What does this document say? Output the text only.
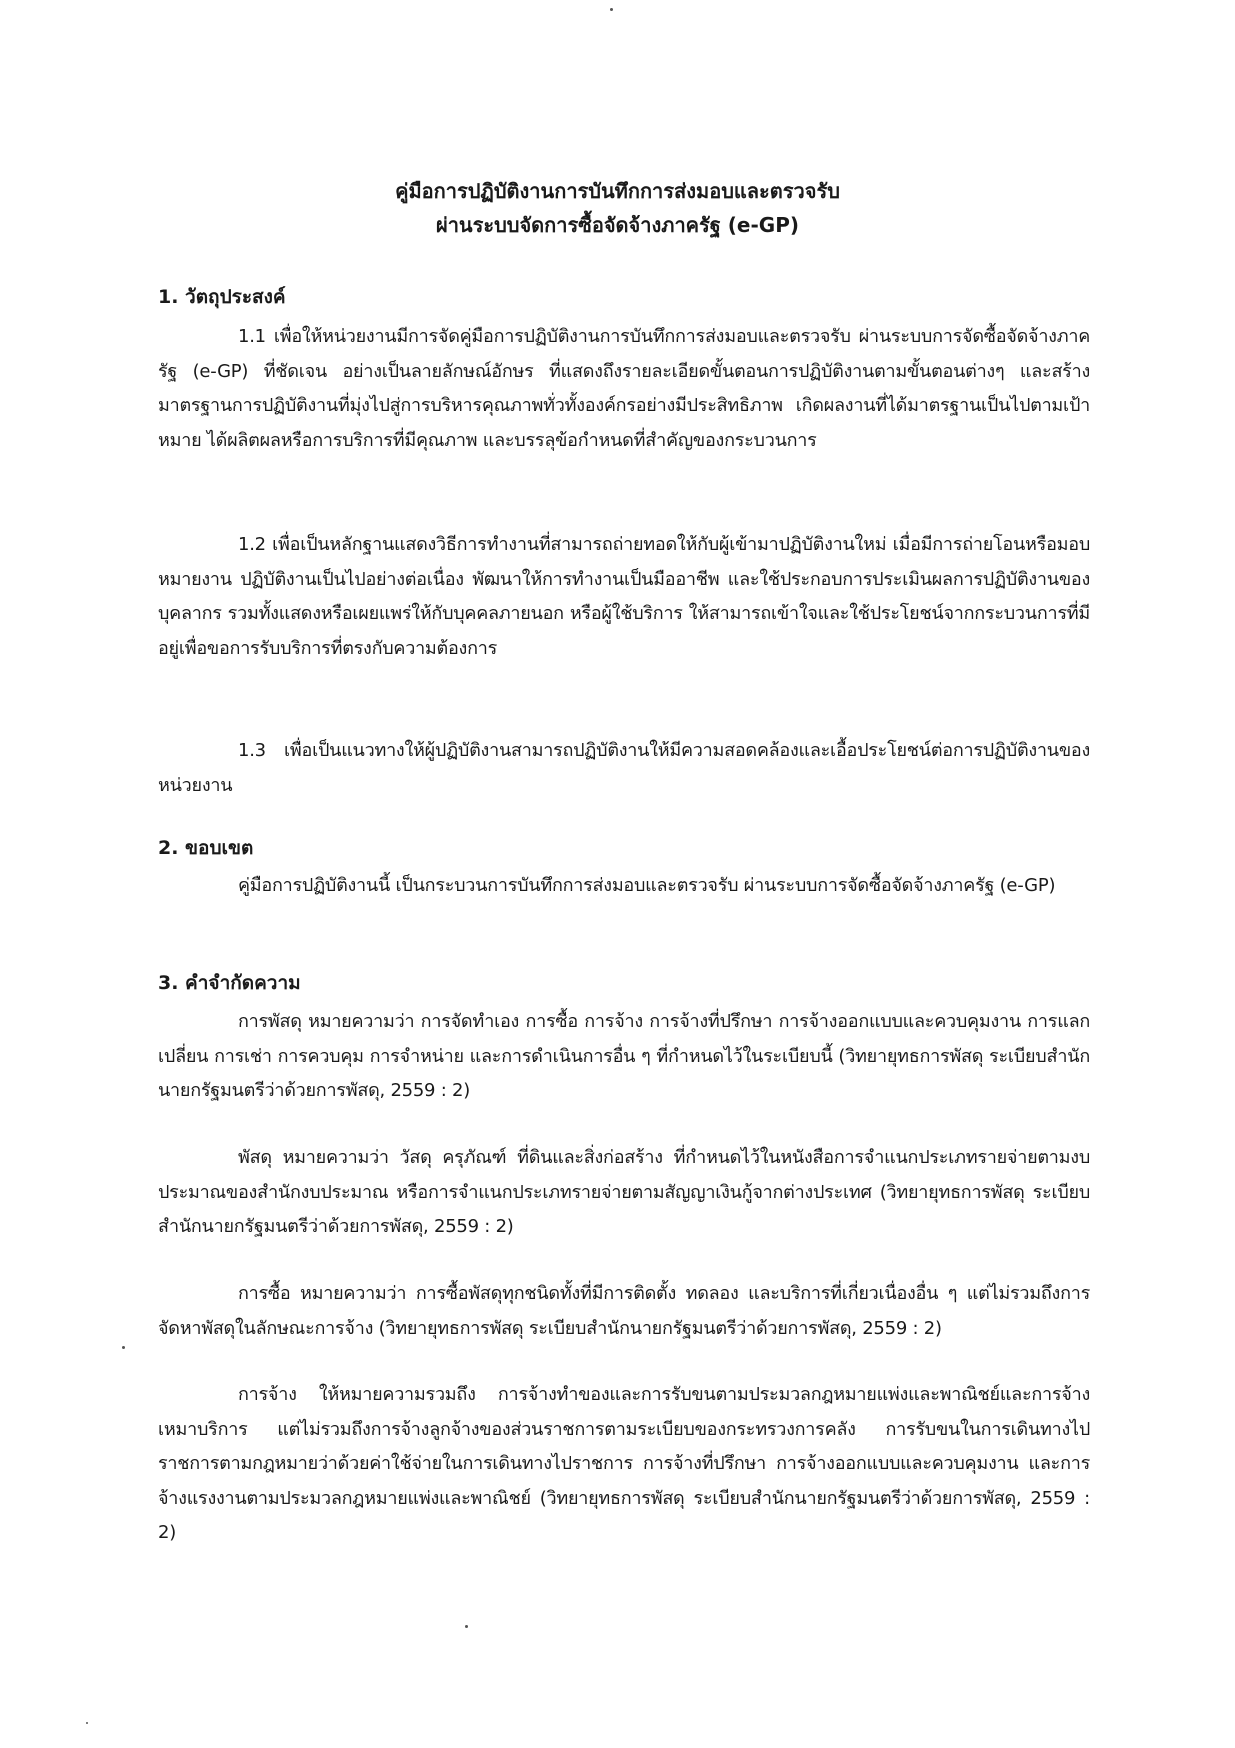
คู่มือการปฏิบัติงานการบันทึกการส่งมอบและตรวจรับ
ผ่านระบบจัดการซื้อจัดจ้างภาครัฐ (e-GP)
1. วัตถุประสงค์
1.1 เพื่อให้หน่วยงานมีการจัดคู่มือการปฏิบัติงานการบันทึกการส่งมอบและตรวจรับ ผ่านระบบการจัดซื้อจัดจ้างภาครัฐ (e-GP) ที่ชัดเจน อย่างเป็นลายลักษณ์อักษร ที่แสดงถึงรายละเอียดขั้นตอนการปฏิบัติงานตามขั้นตอนต่างๆ และสร้างมาตรฐานการปฏิบัติงานที่มุ่งไปสู่การบริหารคุณภาพทั่วทั้งองค์กรอย่างมีประสิทธิภาพ เกิดผลงานที่ได้มาตรฐานเป็นไปตามเป้าหมาย ได้ผลิตผลหรือการบริการที่มีคุณภาพ และบรรลุข้อกำหนดที่สำคัญของกระบวนการ
1.2 เพื่อเป็นหลักฐานแสดงวิธีการทำงานที่สามารถถ่ายทอดให้กับผู้เข้ามาปฏิบัติงานใหม่ เมื่อมีการถ่ายโอนหรือมอบหมายงาน ปฏิบัติงานเป็นไปอย่างต่อเนื่อง พัฒนาให้การทำงานเป็นมืออาชีพ และใช้ประกอบการประเมินผลการปฏิบัติงานของบุคลากร รวมทั้งแสดงหรือเผยแพร่ให้กับบุคคลภายนอก หรือผู้ใช้บริการ ให้สามารถเข้าใจและใช้ประโยชน์จากกระบวนการที่มีอยู่เพื่อขอการรับบริการที่ตรงกับความต้องการ
1.3 เพื่อเป็นแนวทางให้ผู้ปฏิบัติงานสามารถปฏิบัติงานให้มีความสอดคล้องและเอื้อประโยชน์ต่อการปฏิบัติงานของหน่วยงาน
2. ขอบเขต
คู่มือการปฏิบัติงานนี้ เป็นกระบวนการบันทึกการส่งมอบและตรวจรับ ผ่านระบบการจัดซื้อจัดจ้างภาครัฐ (e-GP)
3. คำจำกัดความ
การพัสดุ หมายความว่า การจัดทำเอง การซื้อ การจ้าง การจ้างที่ปรึกษา การจ้างออกแบบและควบคุมงาน การแลกเปลี่ยน การเช่า การควบคุม การจำหน่าย และการดำเนินการอื่น ๆ ที่กำหนดไว้ในระเบียบนี้ (วิทยายุทธการพัสดุ ระเบียบสำนักนายกรัฐมนตรีว่าด้วยการพัสดุ, 2559 : 2)
พัสดุ หมายความว่า วัสดุ ครุภัณฑ์ ที่ดินและสิ่งก่อสร้าง ที่กำหนดไว้ในหนังสือการจำแนกประเภทรายจ่ายตามงบประมาณของสำนักงบประมาณ หรือการจำแนกประเภทรายจ่ายตามสัญญาเงินกู้จากต่างประเทศ (วิทยายุทธการพัสดุ ระเบียบสำนักนายกรัฐมนตรีว่าด้วยการพัสดุ, 2559 : 2)
การซื้อ หมายความว่า การซื้อพัสดุทุกชนิดทั้งที่มีการติดตั้ง ทดลอง และบริการที่เกี่ยวเนื่องอื่น ๆ แต่ไม่รวมถึงการจัดหาพัสดุในลักษณะการจ้าง (วิทยายุทธการพัสดุ ระเบียบสำนักนายกรัฐมนตรีว่าด้วยการพัสดุ, 2559 : 2)
การจ้าง ให้หมายความรวมถึง การจ้างทำของและการรับขนตามประมวลกฎหมายแพ่งและพาณิชย์และการจ้างเหมาบริการ แต่ไม่รวมถึงการจ้างลูกจ้างของส่วนราชการตามระเบียบของกระทรวงการคลัง การรับขนในการเดินทางไปราชการตามกฎหมายว่าด้วยค่าใช้จ่ายในการเดินทางไปราชการ การจ้างที่ปรึกษา การจ้างออกแบบและควบคุมงาน และการจ้างแรงงานตามประมวลกฎหมายแพ่งและพาณิชย์ (วิทยายุทธการพัสดุ ระเบียบสำนักนายกรัฐมนตรีว่าด้วยการพัสดุ, 2559 : 2)
